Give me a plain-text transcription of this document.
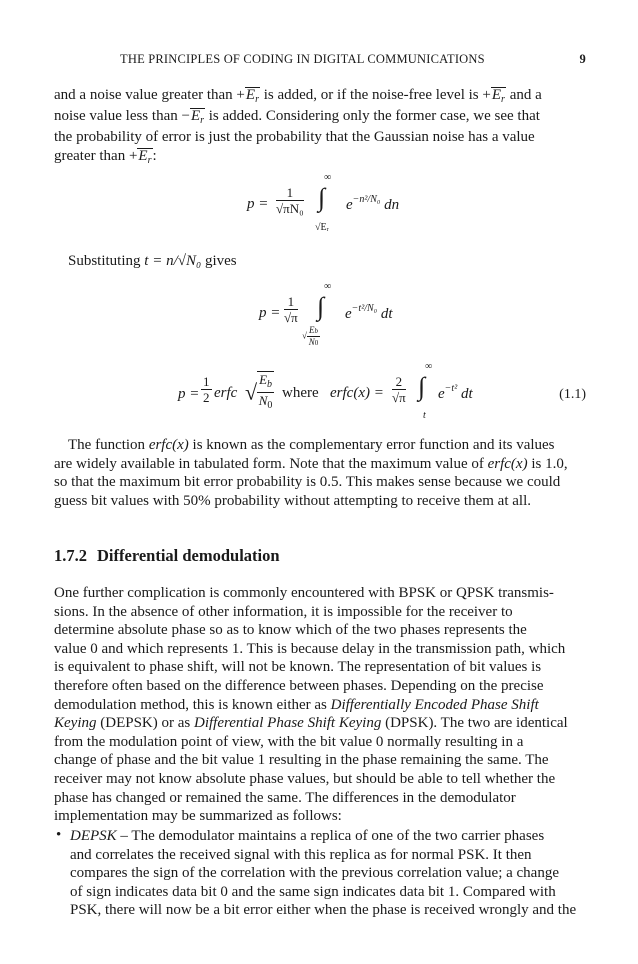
THE PRINCIPLES OF CODING IN DIGITAL COMMUNICATIONS	9
and a noise value greater than $+E_r$ is added, or if the noise-free level is $+E_r$ and a
noise value less than $-E_r$ is added. Considering only the former case, we see that
the probability of error is just the probability that the Gaussian noise has a value
greater than $+E_r$:
$p = \frac{1}{\text{√πN₀}}$
∞
∫
√Eᵣ
$e^{-n^2/N_0}$ dn
Substituting t = n/√N₀ gives
$p = \frac{1}{√\pi}$
∞
∫
√ $\frac{Eb}{N0}$
$e^{-t^2/N_0}$ dt
$p = \frac{1}{2}$ erfc √ $\frac{E_b}{N_0}$ where erfc(x) = $\frac{2}{√\pi}$
∞
∫
t
$e^{-t^2}$ dt	(1.1)
The function erfc(x) is known as the complementary error function and its values
are widely available in tabulated form. Note that the maximum value of erfc(x) is 1.0,
so that the maximum bit error probability is 0.5. This makes sense because we could
guess bit values with 50% probability without attempting to receive them at all.
1.7.2 Differential demodulation
One further complication is commonly encountered with BPSK or QPSK transmis-
sions. In the absence of other information, it is impossible for the receiver to
determine absolute phase so as to know which of the two phases represents the
value 0 and which represents 1. This is because delay in the transmission path, which
is equivalent to phase shift, will not be known. The representation of bit values is
therefore often based on the difference between phases. Depending on the precise
demodulation method, this is known either as Differentially Encoded Phase Shift
Keying (DEPSK) or as Differential Phase Shift Keying (DPSK). The two are identical
from the modulation point of view, with the bit value 0 normally resulting in a
change of phase and the bit value 1 resulting in the phase remaining the same. The
receiver may not know absolute phase values, but should be able to tell whether the
phase has changed or remained the same. The differences in the demodulator
implementation may be summarized as follows:
• DEPSK – The demodulator maintains a replica of one of the two carrier phases
and correlates the received signal with this replica as for normal PSK. It then
compares the sign of the correlation with the previous correlation value; a change
of sign indicates data bit 0 and the same sign indicates data bit 1. Compared with
PSK, there will now be a bit error either when the phase is received wrongly and the
